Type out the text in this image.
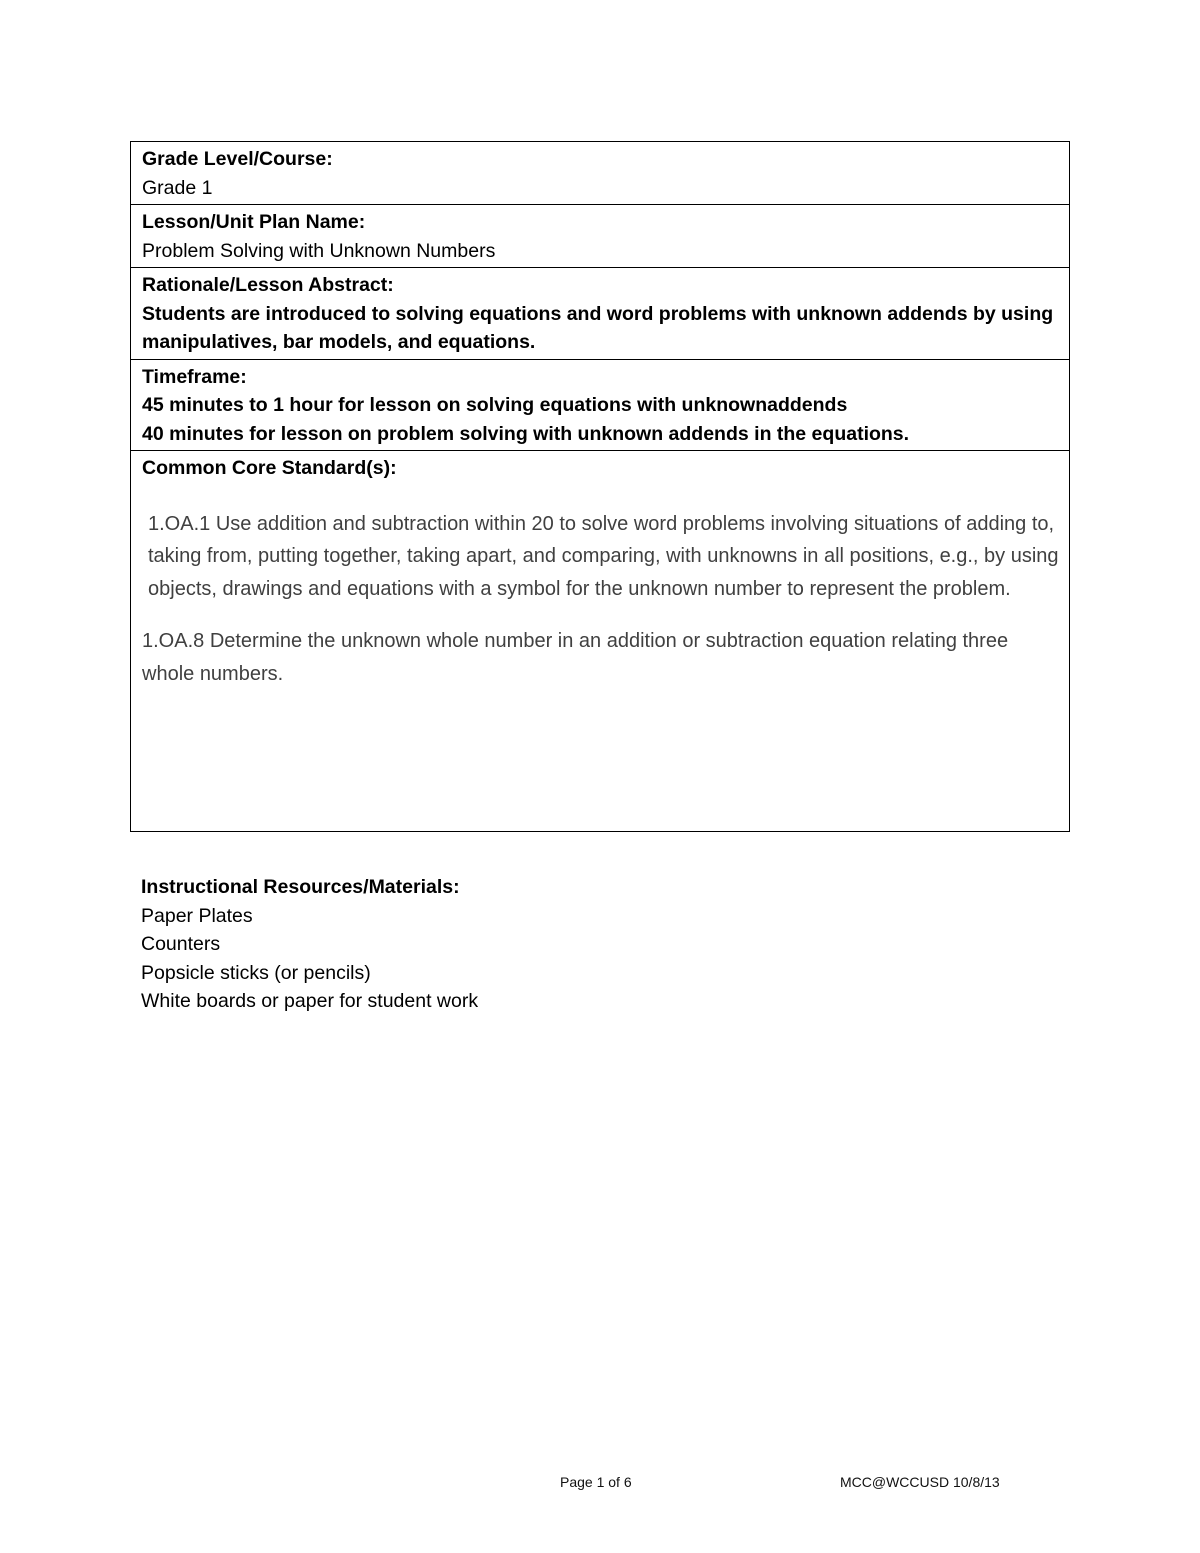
Grade Level/Course:
Grade 1
Lesson/Unit Plan Name:
Problem Solving with Unknown Numbers
Rationale/Lesson Abstract:
Students are introduced to solving equations and word problems with unknown addends by using manipulatives, bar models, and equations.
Timeframe:
45 minutes to 1 hour for lesson on solving equations with unknownaddends
40 minutes for lesson on problem solving with unknown addends in the equations.
Common Core Standard(s):

1.OA.1 Use addition and subtraction within 20 to solve word problems involving situations of adding to, taking from, putting together, taking apart, and comparing, with unknowns in all positions, e.g., by using objects, drawings and equations with a symbol for the unknown number to represent the problem.

1.OA.8 Determine the unknown whole number in an addition or subtraction equation relating three whole numbers.

Instructional Resources/Materials:
Paper Plates
Counters
Popsicle sticks (or pencils)
White boards or paper for student work
Page 1 of 6	MCC@WCCUSD 10/8/13
